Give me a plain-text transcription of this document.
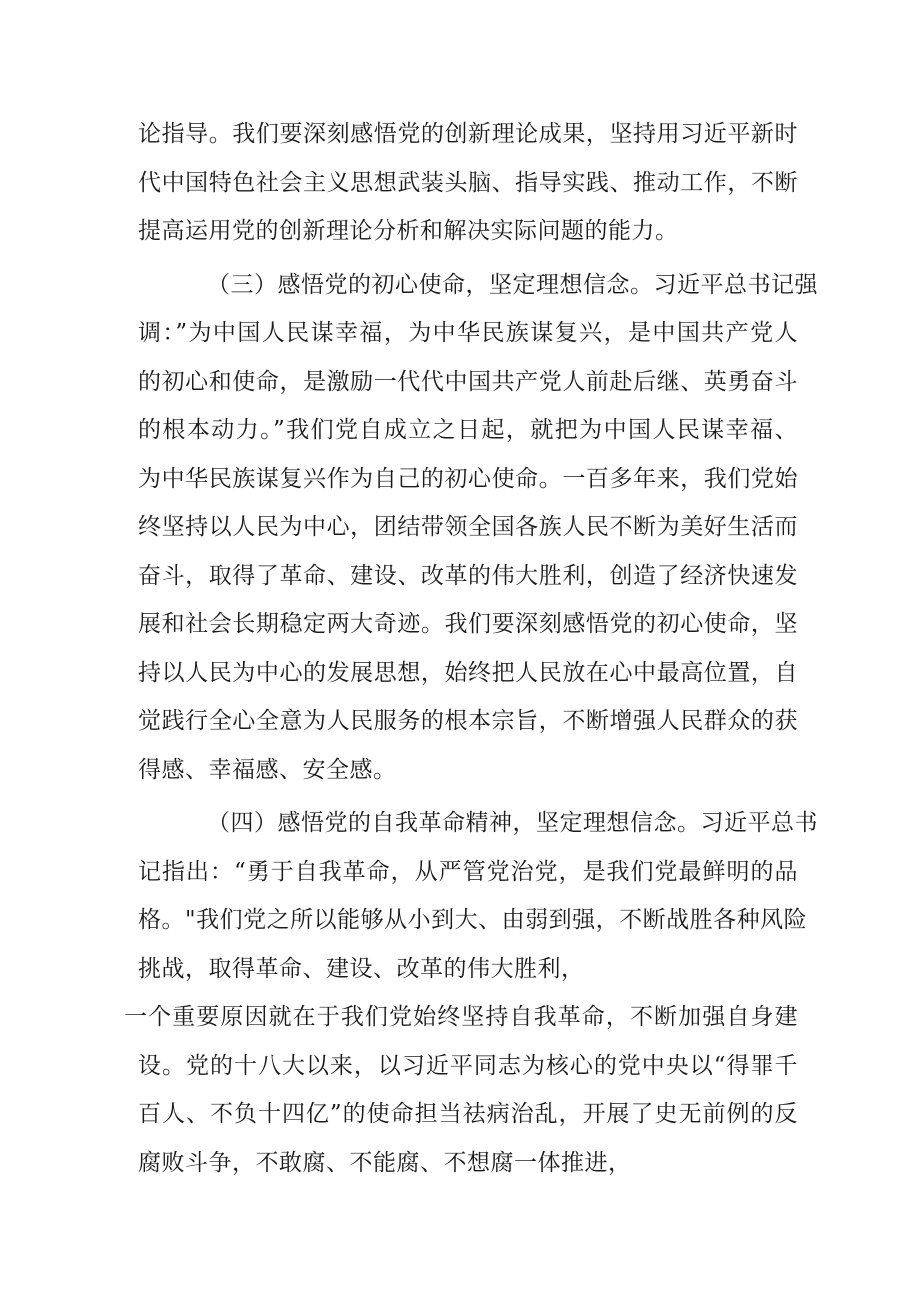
论指导。我们要深刻感悟党的创新理论成果，坚持用习近平新时
代中国特色社会主义思想武装头脑、指导实践、推动工作，不断
提高运用党的创新理论分析和解决实际问题的能力。
（三）感悟党的初心使命，坚定理想信念。习近平总书记强
调：”为中国人民谋幸福，为中华民族谋复兴，是中国共产党人
的初心和使命，是激励一代代中国共产党人前赴后继、英勇奋斗
的根本动力。”我们党自成立之日起，就把为中国人民谋幸福、
为中华民族谋复兴作为自己的初心使命。一百多年来，我们党始
终坚持以人民为中心，团结带领全国各族人民不断为美好生活而
奋斗，取得了革命、建设、改革的伟大胜利，创造了经济快速发
展和社会长期稳定两大奇迹。我们要深刻感悟党的初心使命，坚
持以人民为中心的发展思想，始终把人民放在心中最高位置，自
觉践行全心全意为人民服务的根本宗旨，不断增强人民群众的获
得感、幸福感、安全感。
（四）感悟党的自我革命精神，坚定理想信念。习近平总书
记指出：“勇于自我革命，从严管党治党，是我们党最鲜明的品
格。"我们党之所以能够从小到大、由弱到强，不断战胜各种风险
挑战，取得革命、建设、改革的伟大胜利，
一个重要原因就在于我们党始终坚持自我革命，不断加强自身建
设。党的十八大以来，以习近平同志为核心的党中央以“得罪千
百人、不负十四亿”的使命担当祛病治乱，开展了史无前例的反
腐败斗争，不敢腐、不能腐、不想腐一体推进，
